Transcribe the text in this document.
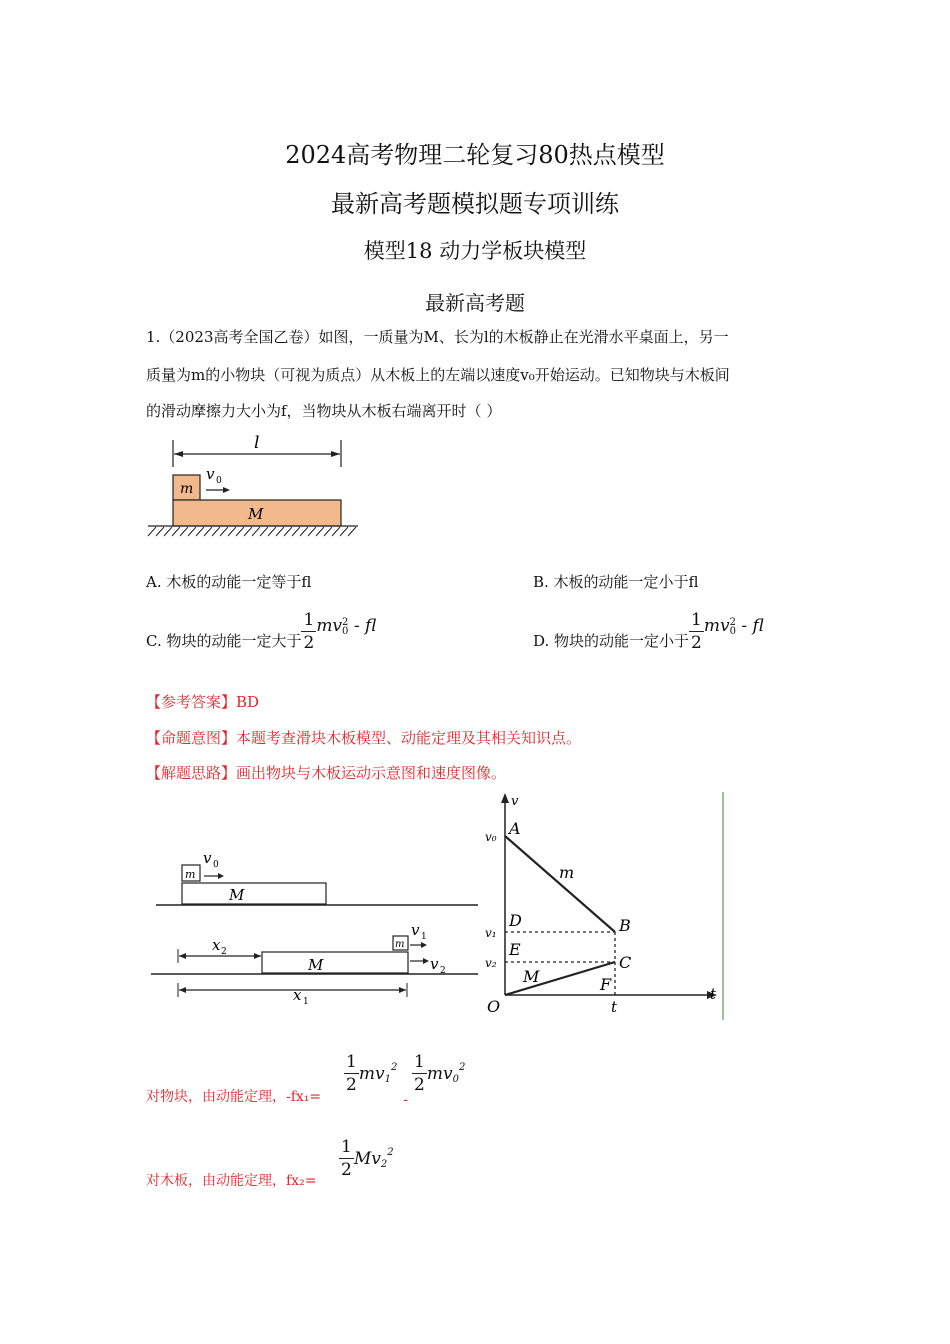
2024高考物理二轮复习80热点模型
最新高考题模拟题专项训练
模型18 动力学板块模型
最新高考题
1.（2023高考全国乙卷）如图，一质量为M、长为l的木板静止在光滑水平桌面上，另一
质量为m的小物块（可视为质点）从木板上的左端以速度v₀开始运动。已知物块与木板间
的滑动摩擦力大小为f，当物块从木板右端离开时（ ）
l
m
v 0
M
A. 木板的动能一定等于fl	B. 木板的动能一定小于fl
C. 物块的动能一定大于 $\frac{1}{2}$ mv 2
0 - fl
D. 物块的动能一定小于 $\frac{1}{2}$ mv 2
0 - fl
【参考答案】BD
【命题意图】本题考查滑块木板模型、动能定理及其相关知识点。
【解题思路】画出物块与木板运动示意图和速度图像。
m
v 0
M
m
v 1
v 2
M
x 2
x 1
v
t
O
v₀
v₁
v₂
t
A
B
C
D
E
F
m
M
对物块，由动能定理，-fx₁=
$\frac{1}{2} mv_1^2$
-
$\frac{1}{2} mv_0^2$
对木板，由动能定理，$fx_2= \frac{1}{2} Mv_2^2$
